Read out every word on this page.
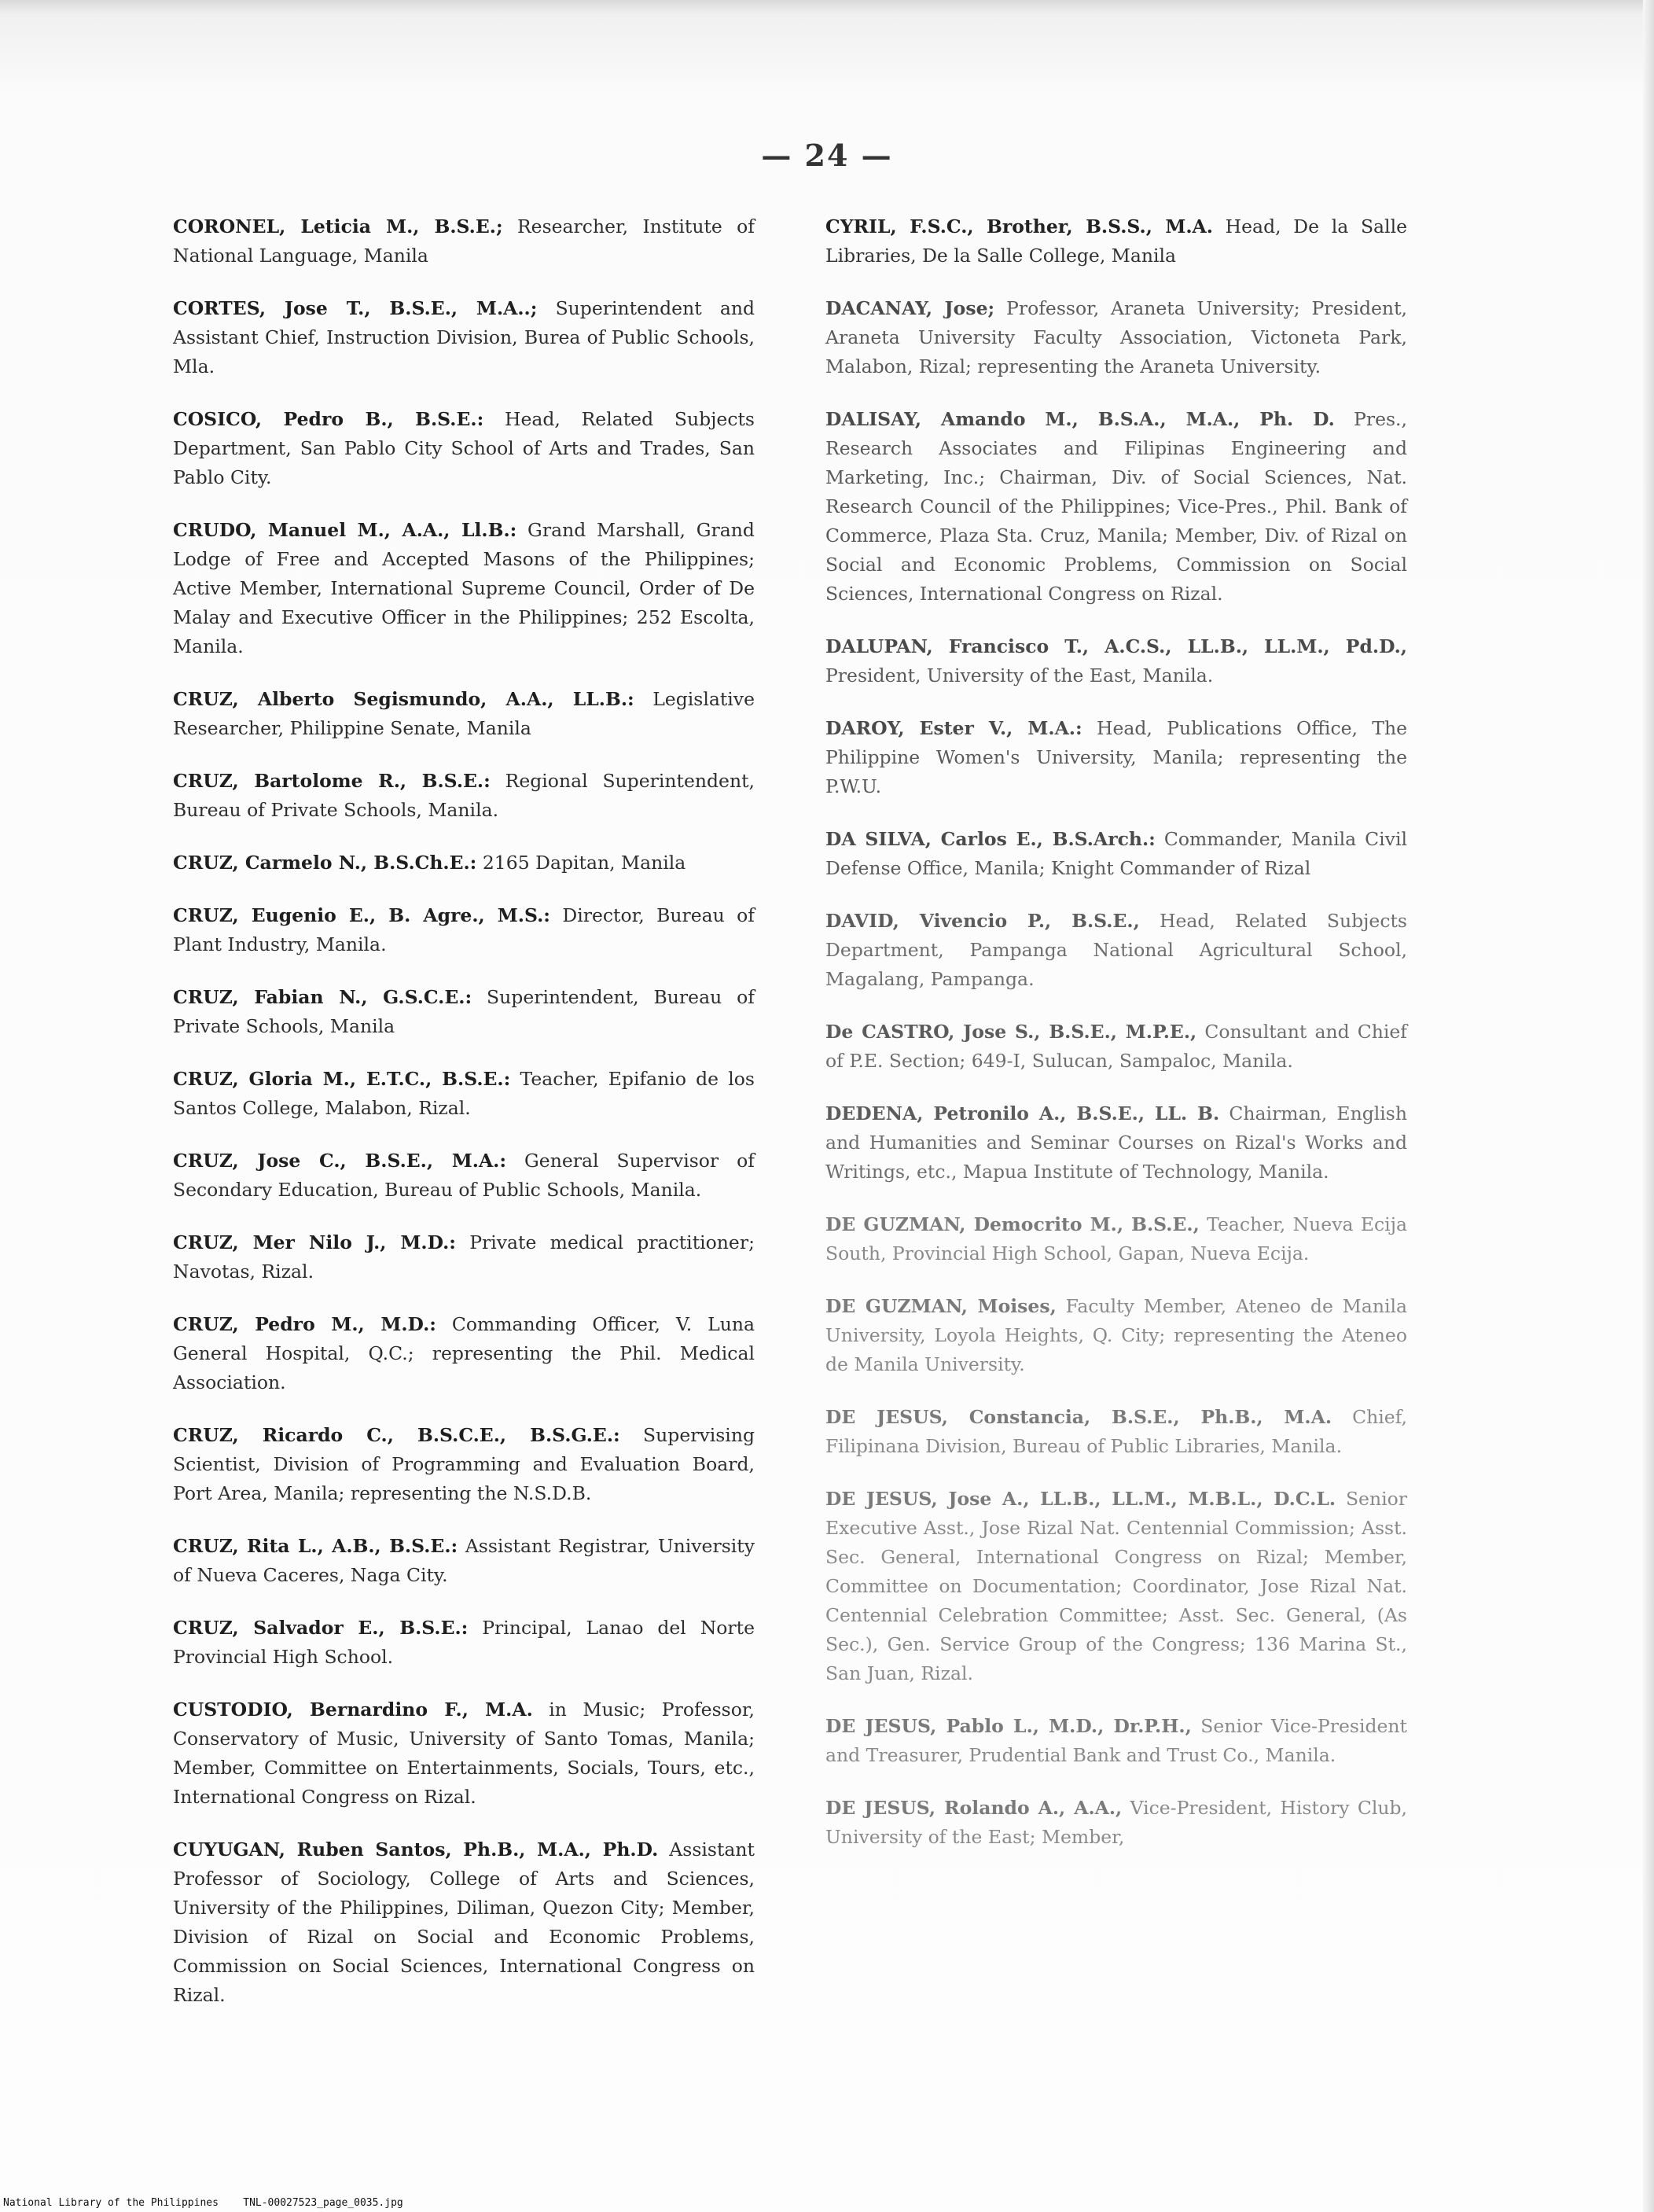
— 24 —

CORONEL, Leticia M., B.S.E.; Researcher, Institute of National Language, Manila

CORTES, Jose T., B.S.E., M.A..; Superintendent and Assistant Chief, Instruction Division, Burea of Public Schools, Mla.

COSICO, Pedro B., B.S.E.: Head, Related Subjects Department, San Pablo City School of Arts and Trades, San Pablo City.

CRUDO, Manuel M., A.A., Ll.B.: Grand Marshall, Grand Lodge of Free and Accepted Masons of the Philippines; Active Member, International Supreme Council, Order of De Malay and Executive Officer in the Philippines; 252 Escolta, Manila.

CRUZ, Alberto Segismundo, A.A., LL.B.: Legislative Researcher, Philippine Senate, Manila

CRUZ, Bartolome R., B.S.E.: Regional Superintendent, Bureau of Private Schools, Manila.

CRUZ, Carmelo N., B.S.Ch.E.: 2165 Dapitan, Manila

CRUZ, Eugenio E., B. Agre., M.S.: Director, Bureau of Plant Industry, Manila.

CRUZ, Fabian N., G.S.C.E.: Superintendent, Bureau of Private Schools, Manila

CRUZ, Gloria M., E.T.C., B.S.E.: Teacher, Epifanio de los Santos College, Malabon, Rizal.

CRUZ, Jose C., B.S.E., M.A.: General Supervisor of Secondary Education, Bureau of Public Schools, Manila.

CRUZ, Mer Nilo J., M.D.: Private medical practitioner; Navotas, Rizal.

CRUZ, Pedro M., M.D.: Commanding Officer, V. Luna General Hospital, Q.C.; representing the Phil. Medical Association.

CRUZ, Ricardo C., B.S.C.E., B.S.G.E.: Supervising Scientist, Division of Programming and Evaluation Board, Port Area, Manila; representing the N.S.D.B.

CRUZ, Rita L., A.B., B.S.E.: Assistant Registrar, University of Nueva Caceres, Naga City.

CRUZ, Salvador E., B.S.E.: Principal, Lanao del Norte Provincial High School.

CUSTODIO, Bernardino F., M.A. in Music; Professor, Conservatory of Music, University of Santo Tomas, Manila; Member, Committee on Entertainments, Socials, Tours, etc., International Congress on Rizal.

CUYUGAN, Ruben Santos, Ph.B., M.A., Ph.D. Assistant Professor of Sociology, College of Arts and Sciences, University of the Philippines, Diliman, Quezon City; Member, Division of Rizal on Social and Economic Problems, Commission on Social Sciences, International Congress on Rizal.

CYRIL, F.S.C., Brother, B.S.S., M.A. Head, De la Salle Libraries, De la Salle College, Manila

DACANAY, Jose; Professor, Araneta University; President, Araneta University Faculty Association, Victoneta Park, Malabon, Rizal; representing the Araneta University.

DALISAY, Amando M., B.S.A., M.A., Ph. D. Pres., Research Associates and Filipinas Engineering and Marketing, Inc.; Chairman, Div. of Social Sciences, Nat. Research Council of the Philippines; Vice-Pres., Phil. Bank of Commerce, Plaza Sta. Cruz, Manila; Member, Div. of Rizal on Social and Economic Problems, Commission on Social Sciences, International Congress on Rizal.

DALUPAN, Francisco T., A.C.S., LL.B., LL.M., Pd.D., President, University of the East, Manila.

DAROY, Ester V., M.A.: Head, Publications Office, The Philippine Women's University, Manila; representing the P.W.U.

DA SILVA, Carlos E., B.S.Arch.: Commander, Manila Civil Defense Office, Manila; Knight Commander of Rizal

DAVID, Vivencio P., B.S.E., Head, Related Subjects Department, Pampanga National Agricultural School, Magalang, Pampanga.

De CASTRO, Jose S., B.S.E., M.P.E., Consultant and Chief of P.E. Section; 649-I, Sulucan, Sampaloc, Manila.

DEDENA, Petronilo A., B.S.E., LL. B. Chairman, English and Humanities and Seminar Courses on Rizal's Works and Writings, etc., Mapua Institute of Technology, Manila.

DE GUZMAN, Democrito M., B.S.E., Teacher, Nueva Ecija South, Provincial High School, Gapan, Nueva Ecija.

DE GUZMAN, Moises, Faculty Member, Ateneo de Manila University, Loyola Heights, Q. City; representing the Ateneo de Manila University.

DE JESUS, Constancia, B.S.E., Ph.B., M.A. Chief, Filipinana Division, Bureau of Public Libraries, Manila.

DE JESUS, Jose A., LL.B., LL.M., M.B.L., D.C.L. Senior Executive Asst., Jose Rizal Nat. Centennial Commission; Asst. Sec. General, International Congress on Rizal; Member, Committee on Documentation; Coordinator, Jose Rizal Nat. Centennial Celebration Committee; Asst. Sec. General, (As Sec.), Gen. Service Group of the Congress; 136 Marina St., San Juan, Rizal.

DE JESUS, Pablo L., M.D., Dr.P.H., Senior Vice-President and Treasurer, Prudential Bank and Trust Co., Manila.

DE JESUS, Rolando A., A.A., Vice-President, History Club, University of the East; Member,

National Library of the Philippines    TNL-00027523_page_0035.jpg
